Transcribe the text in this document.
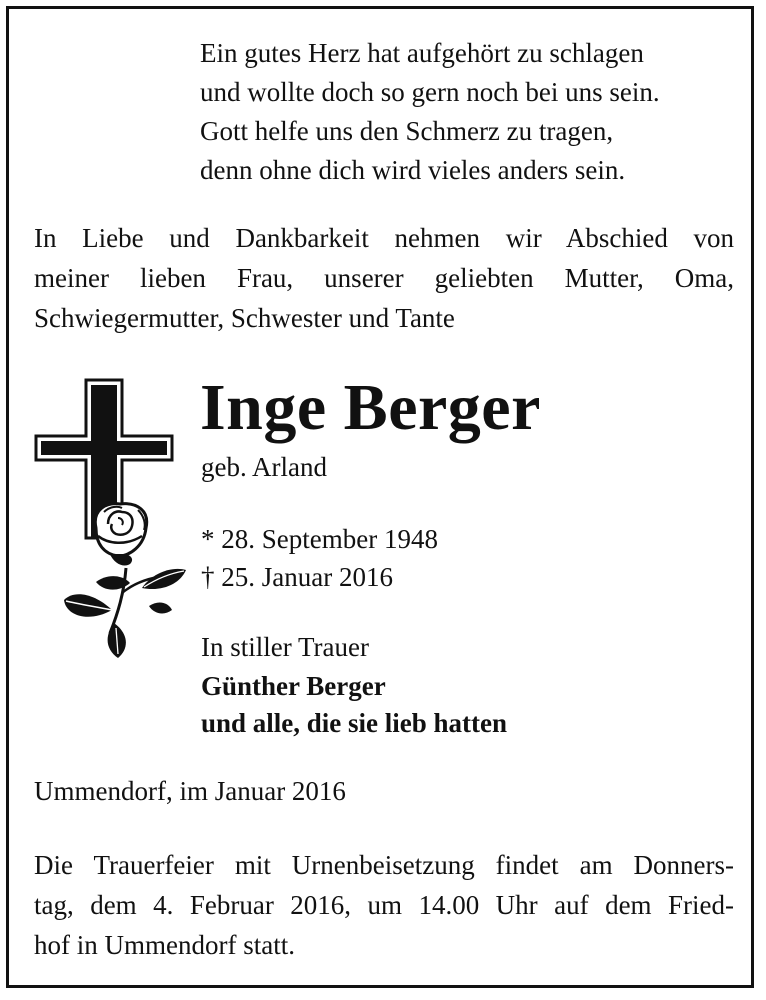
Ein gutes Herz hat aufgehört zu schlagen
und wollte doch so gern noch bei uns sein.
Gott helfe uns den Schmerz zu tragen,
denn ohne dich wird vieles anders sein.
In Liebe und Dankbarkeit nehmen wir Abschied von
meiner lieben Frau, unserer geliebten Mutter, Oma,
Schwiegermutter, Schwester und Tante
Inge Berger
geb. Arland
* 28. September 1948
† 25. Januar 2016
In stiller Trauer
Günther Berger
und alle, die sie lieb hatten
Ummendorf, im Januar 2016
Die Trauerfeier mit Urnenbeisetzung findet am Donners-
tag, dem 4. Februar 2016, um 14.00 Uhr auf dem Fried-
hof in Ummendorf statt.
